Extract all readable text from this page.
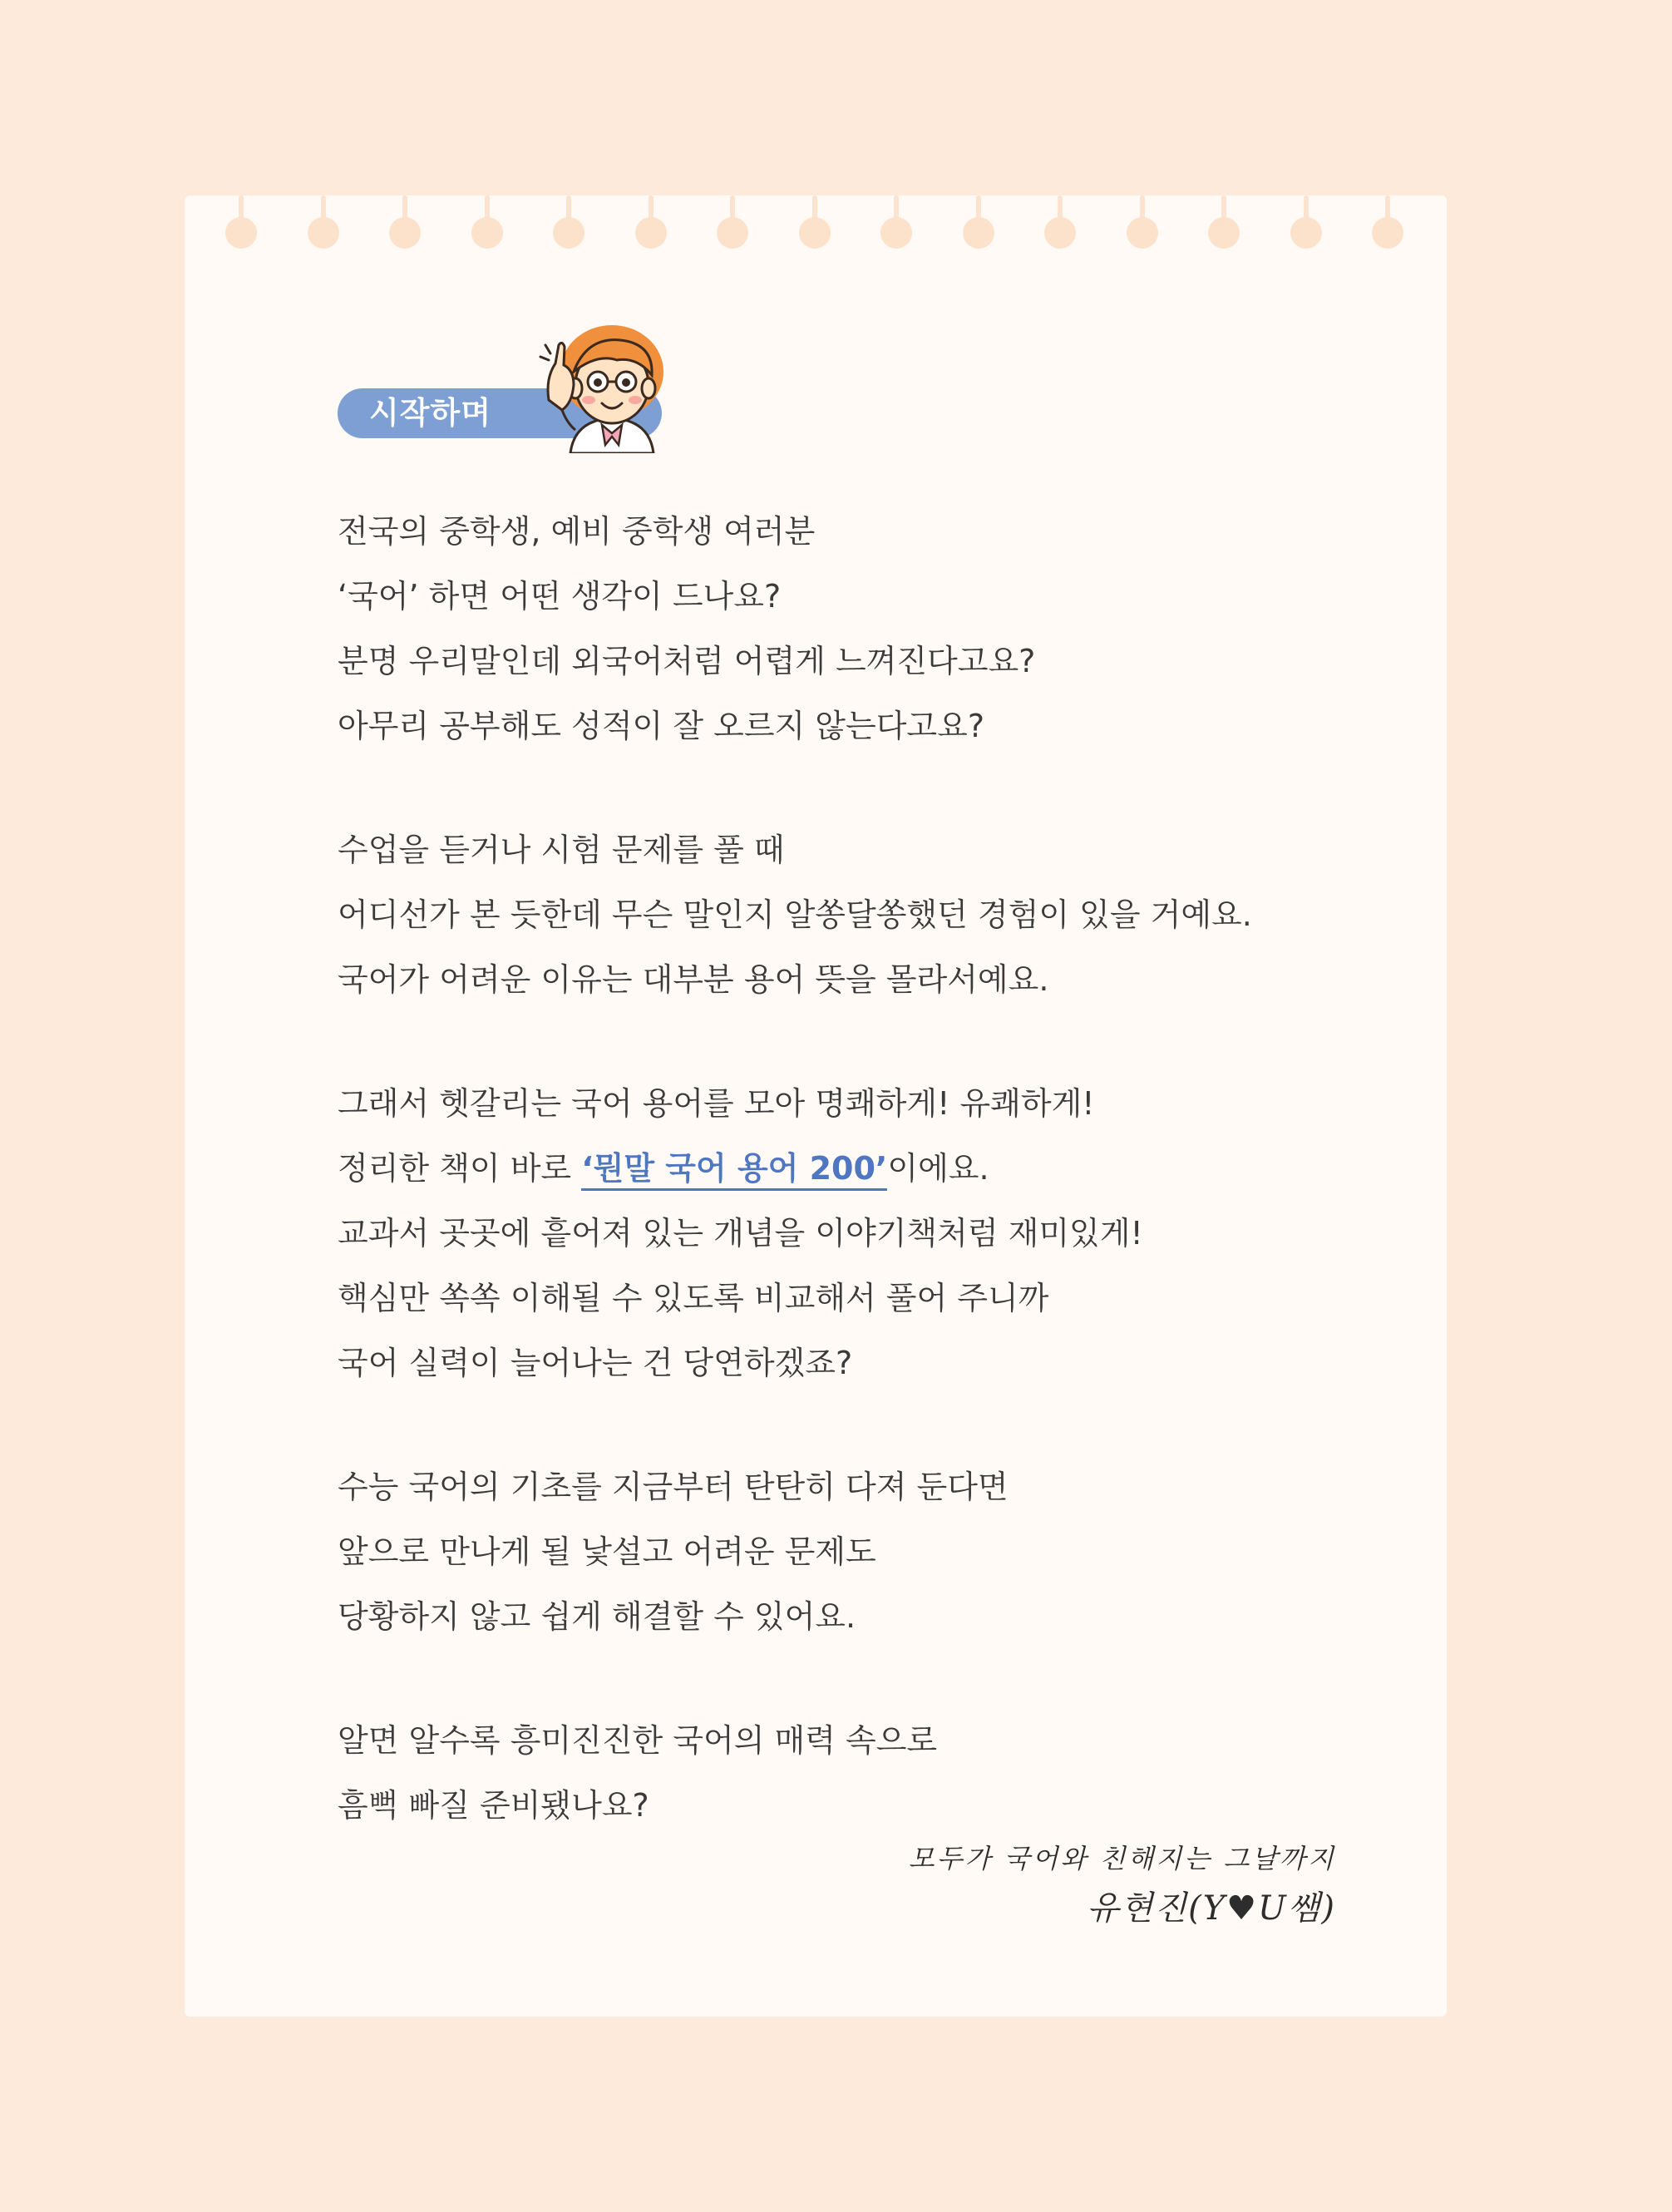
시작하며
전국의 중학생, 예비 중학생 여러분
‘국어’ 하면 어떤 생각이 드나요?
분명 우리말인데 외국어처럼 어렵게 느껴진다고요?
아무리 공부해도 성적이 잘 오르지 않는다고요?
수업을 듣거나 시험 문제를 풀 때
어디선가 본 듯한데 무슨 말인지 알쏭달쏭했던 경험이 있을 거예요.
국어가 어려운 이유는 대부분 용어 뜻을 몰라서예요.
그래서 헷갈리는 국어 용어를 모아 명쾌하게! 유쾌하게!
정리한 책이 바로 ‘뭔말 국어 용어 200’이에요.
교과서 곳곳에 흩어져 있는 개념을 이야기책처럼 재미있게!
핵심만 쏙쏙 이해될 수 있도록 비교해서 풀어 주니까
국어 실력이 늘어나는 건 당연하겠죠?
수능 국어의 기초를 지금부터 탄탄히 다져 둔다면
앞으로 만나게 될 낯설고 어려운 문제도
당황하지 않고 쉽게 해결할 수 있어요.
알면 알수록 흥미진진한 국어의 매력 속으로
흠뻑 빠질 준비됐나요?
모두가 국어와 친해지는 그날까지
유현진(Y♥U쌤)
